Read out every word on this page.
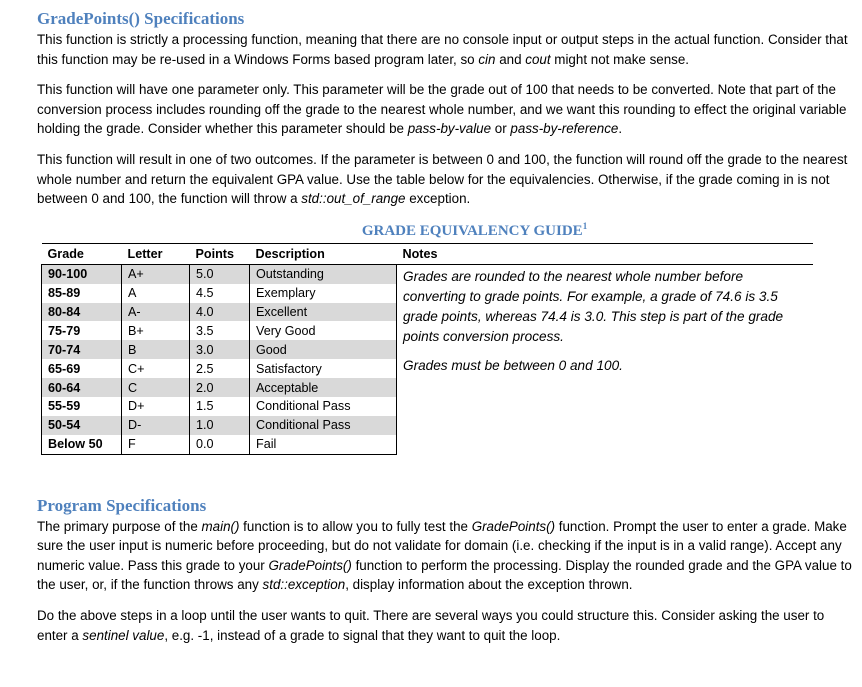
GradePoints() Specifications

This function is strictly a processing function, meaning that there are no console input or output steps in the actual function. Consider that this function may be re-used in a Windows Forms based program later, so cin and cout might not make sense.

This function will have one parameter only. This parameter will be the grade out of 100 that needs to be converted. Note that part of the conversion process includes rounding off the grade to the nearest whole number, and we want this rounding to effect the original variable holding the grade. Consider whether this parameter should be pass-by-value or pass-by-reference.

This function will result in one of two outcomes. If the parameter is between 0 and 100, the function will round off the grade to the nearest whole number and return the equivalent GPA value. Use the table below for the equivalencies. Otherwise, if the grade coming in is not between 0 and 100, the function will throw a std::out_of_range exception.

GRADE EQUIVALENCY GUIDE$^1$
Grade	Letter	Points	Description	Notes
90-100	A+	5.0	Outstanding	Grades are rounded to the nearest whole number before converting to grade points. For example, a grade of 74.6 is 3.5 grade points, whereas 74.4 is 3.0. This step is part of the grade points conversion process.

Grades must be between 0 and 100.

85-89	A	4.5	Exemplary	
80-84	A-	4.0	Excellent	
75-79	B+	3.5	Very Good	
70-74	B	3.0	Good	
65-69	C+	2.5	Satisfactory	
60-64	C	2.0	Acceptable	
55-59	D+	1.5	Conditional Pass	
50-54	D-	1.0	Conditional Pass	
Below 50	F	0.0	Fail	
Program Specifications

The primary purpose of the main() function is to allow you to fully test the GradePoints() function. Prompt the user to enter a grade. Make sure the user input is numeric before proceeding, but do not validate for domain (i.e. checking if the input is in a valid range). Accept any numeric value. Pass this grade to your GradePoints() function to perform the processing. Display the rounded grade and the GPA value to the user, or, if the function throws any std::exception, display information about the exception thrown.

Do the above steps in a loop until the user wants to quit. There are several ways you could structure this. Consider asking the user to enter a sentinel value, e.g. -1, instead of a grade to signal that they want to quit the loop.
